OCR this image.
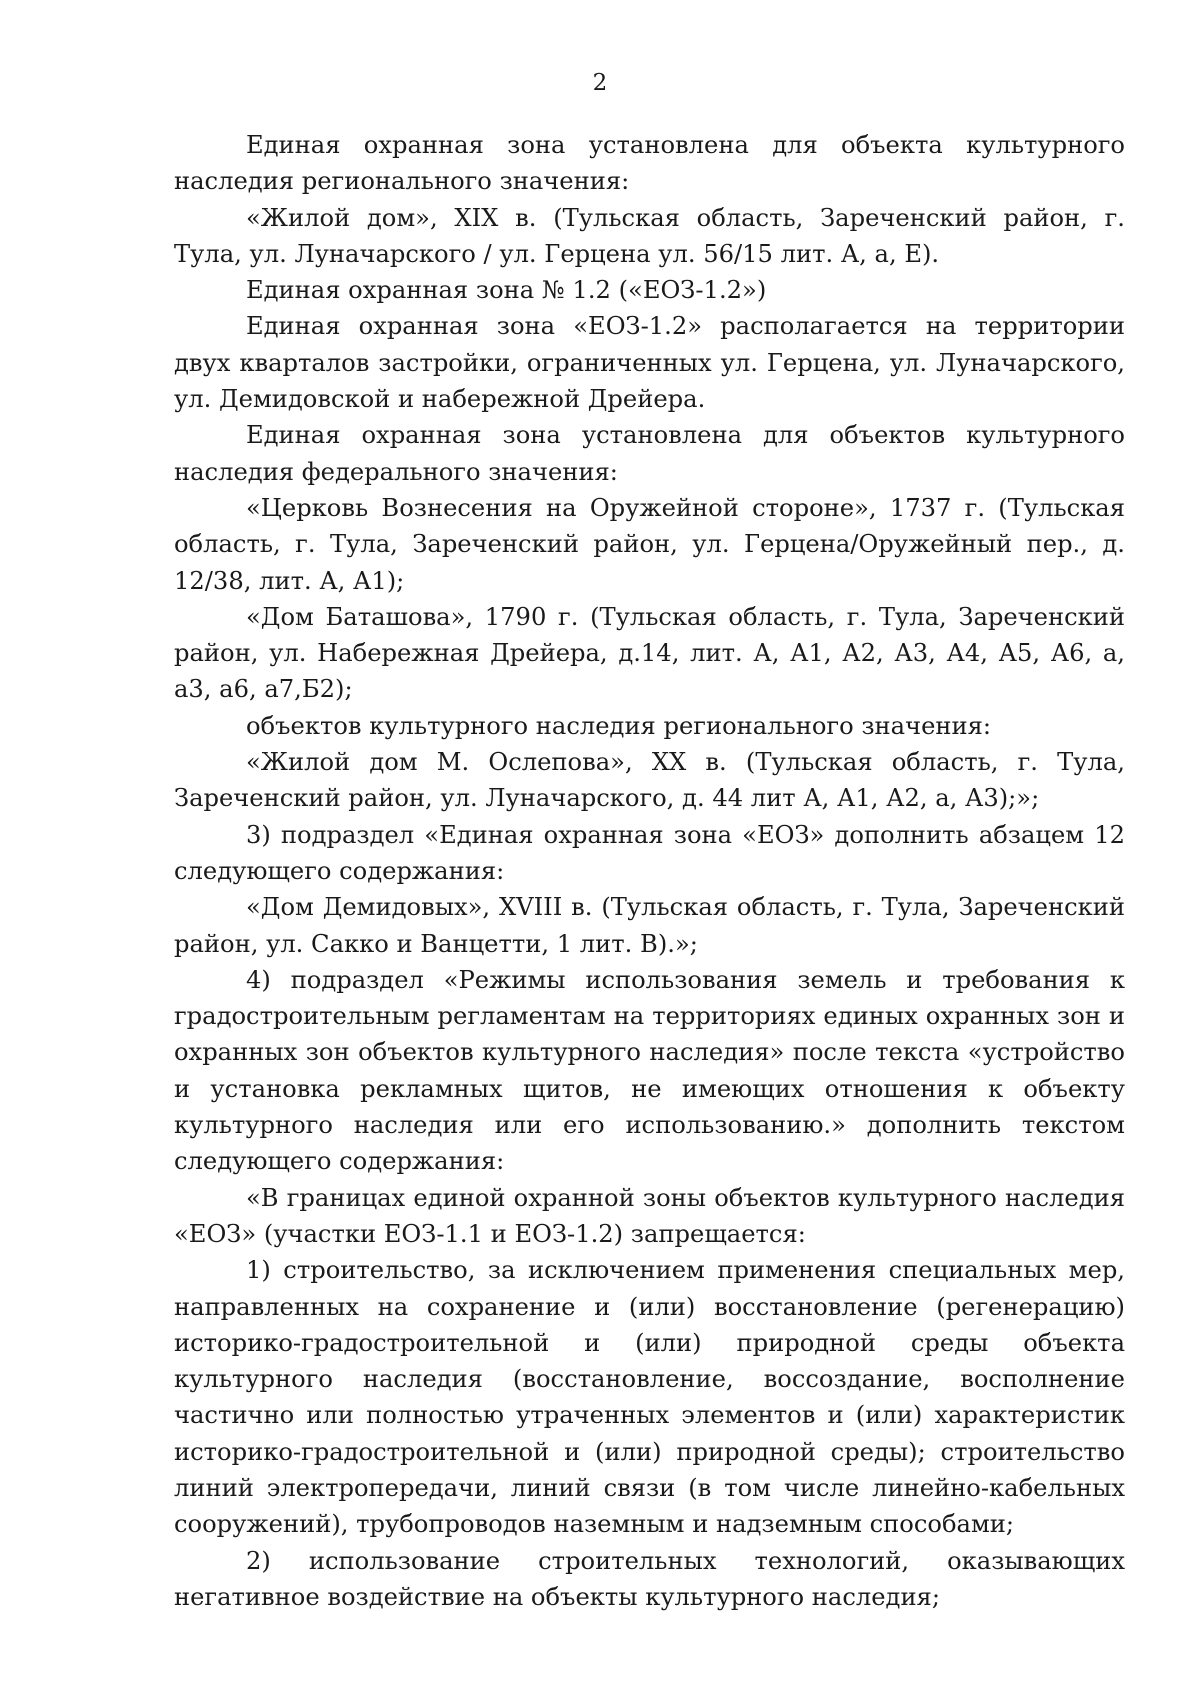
2

Единая охранная зона установлена для объекта культурного наследия регионального значения:

«Жилой дом», XIX в. (Тульская область, Зареченский район, г. Тула, ул. Луначарского / ул. Герцена ул. 56/15 лит. А, а, Е).

Единая охранная зона № 1.2 («ЕОЗ-1.2»)

Единая охранная зона «ЕОЗ-1.2» располагается на территории двух кварталов застройки, ограниченных ул. Герцена, ул. Луначарского, ул. Демидовской и набережной Дрейера.

Единая охранная зона установлена для объектов культурного наследия федерального значения:

«Церковь Вознесения на Оружейной стороне», 1737 г. (Тульская область, г. Тула, Зареченский район, ул. Герцена/Оружейный пер., д. 12/38, лит. А, А1);

«Дом Баташова», 1790 г. (Тульская область, г. Тула, Зареченский район, ул. Набережная Дрейера, д.14, лит. А, А1, А2, А3, А4, А5, А6, а, а3, а6, а7,Б2);

объектов культурного наследия регионального значения:

«Жилой дом М. Ослепова», XX в. (Тульская область, г. Тула, Зареченский район, ул. Луначарского, д. 44 лит А, А1, А2, а, А3);»;

3) подраздел «Единая охранная зона «ЕОЗ» дополнить абзацем 12 следующего содержания:

«Дом Демидовых», XVIII в. (Тульская область, г. Тула, Зареченский район, ул. Сакко и Ванцетти, 1 лит. В).»;

4) подраздел «Режимы использования земель и требования к градостроительным регламентам на территориях единых охранных зон и охранных зон объектов культурного наследия» после текста «устройство и установка рекламных щитов, не имеющих отношения к объекту культурного наследия или его использованию.» дополнить текстом следующего содержания:

«В границах единой охранной зоны объектов культурного наследия «ЕОЗ» (участки ЕОЗ-1.1 и ЕОЗ-1.2) запрещается:

1) строительство, за исключением применения специальных мер, направленных на сохранение и (или) восстановление (регенерацию) историко-градостроительной и (или) природной среды объекта культурного наследия (восстановление, воссоздание, восполнение частично или полностью утраченных элементов и (или) характеристик историко-градостроительной и (или) природной среды); строительство линий электропередачи, линий связи (в том числе линейно-кабельных сооружений), трубопроводов наземным и надземным способами;

2) использование строительных технологий, оказывающих негативное воздействие на объекты культурного наследия;
